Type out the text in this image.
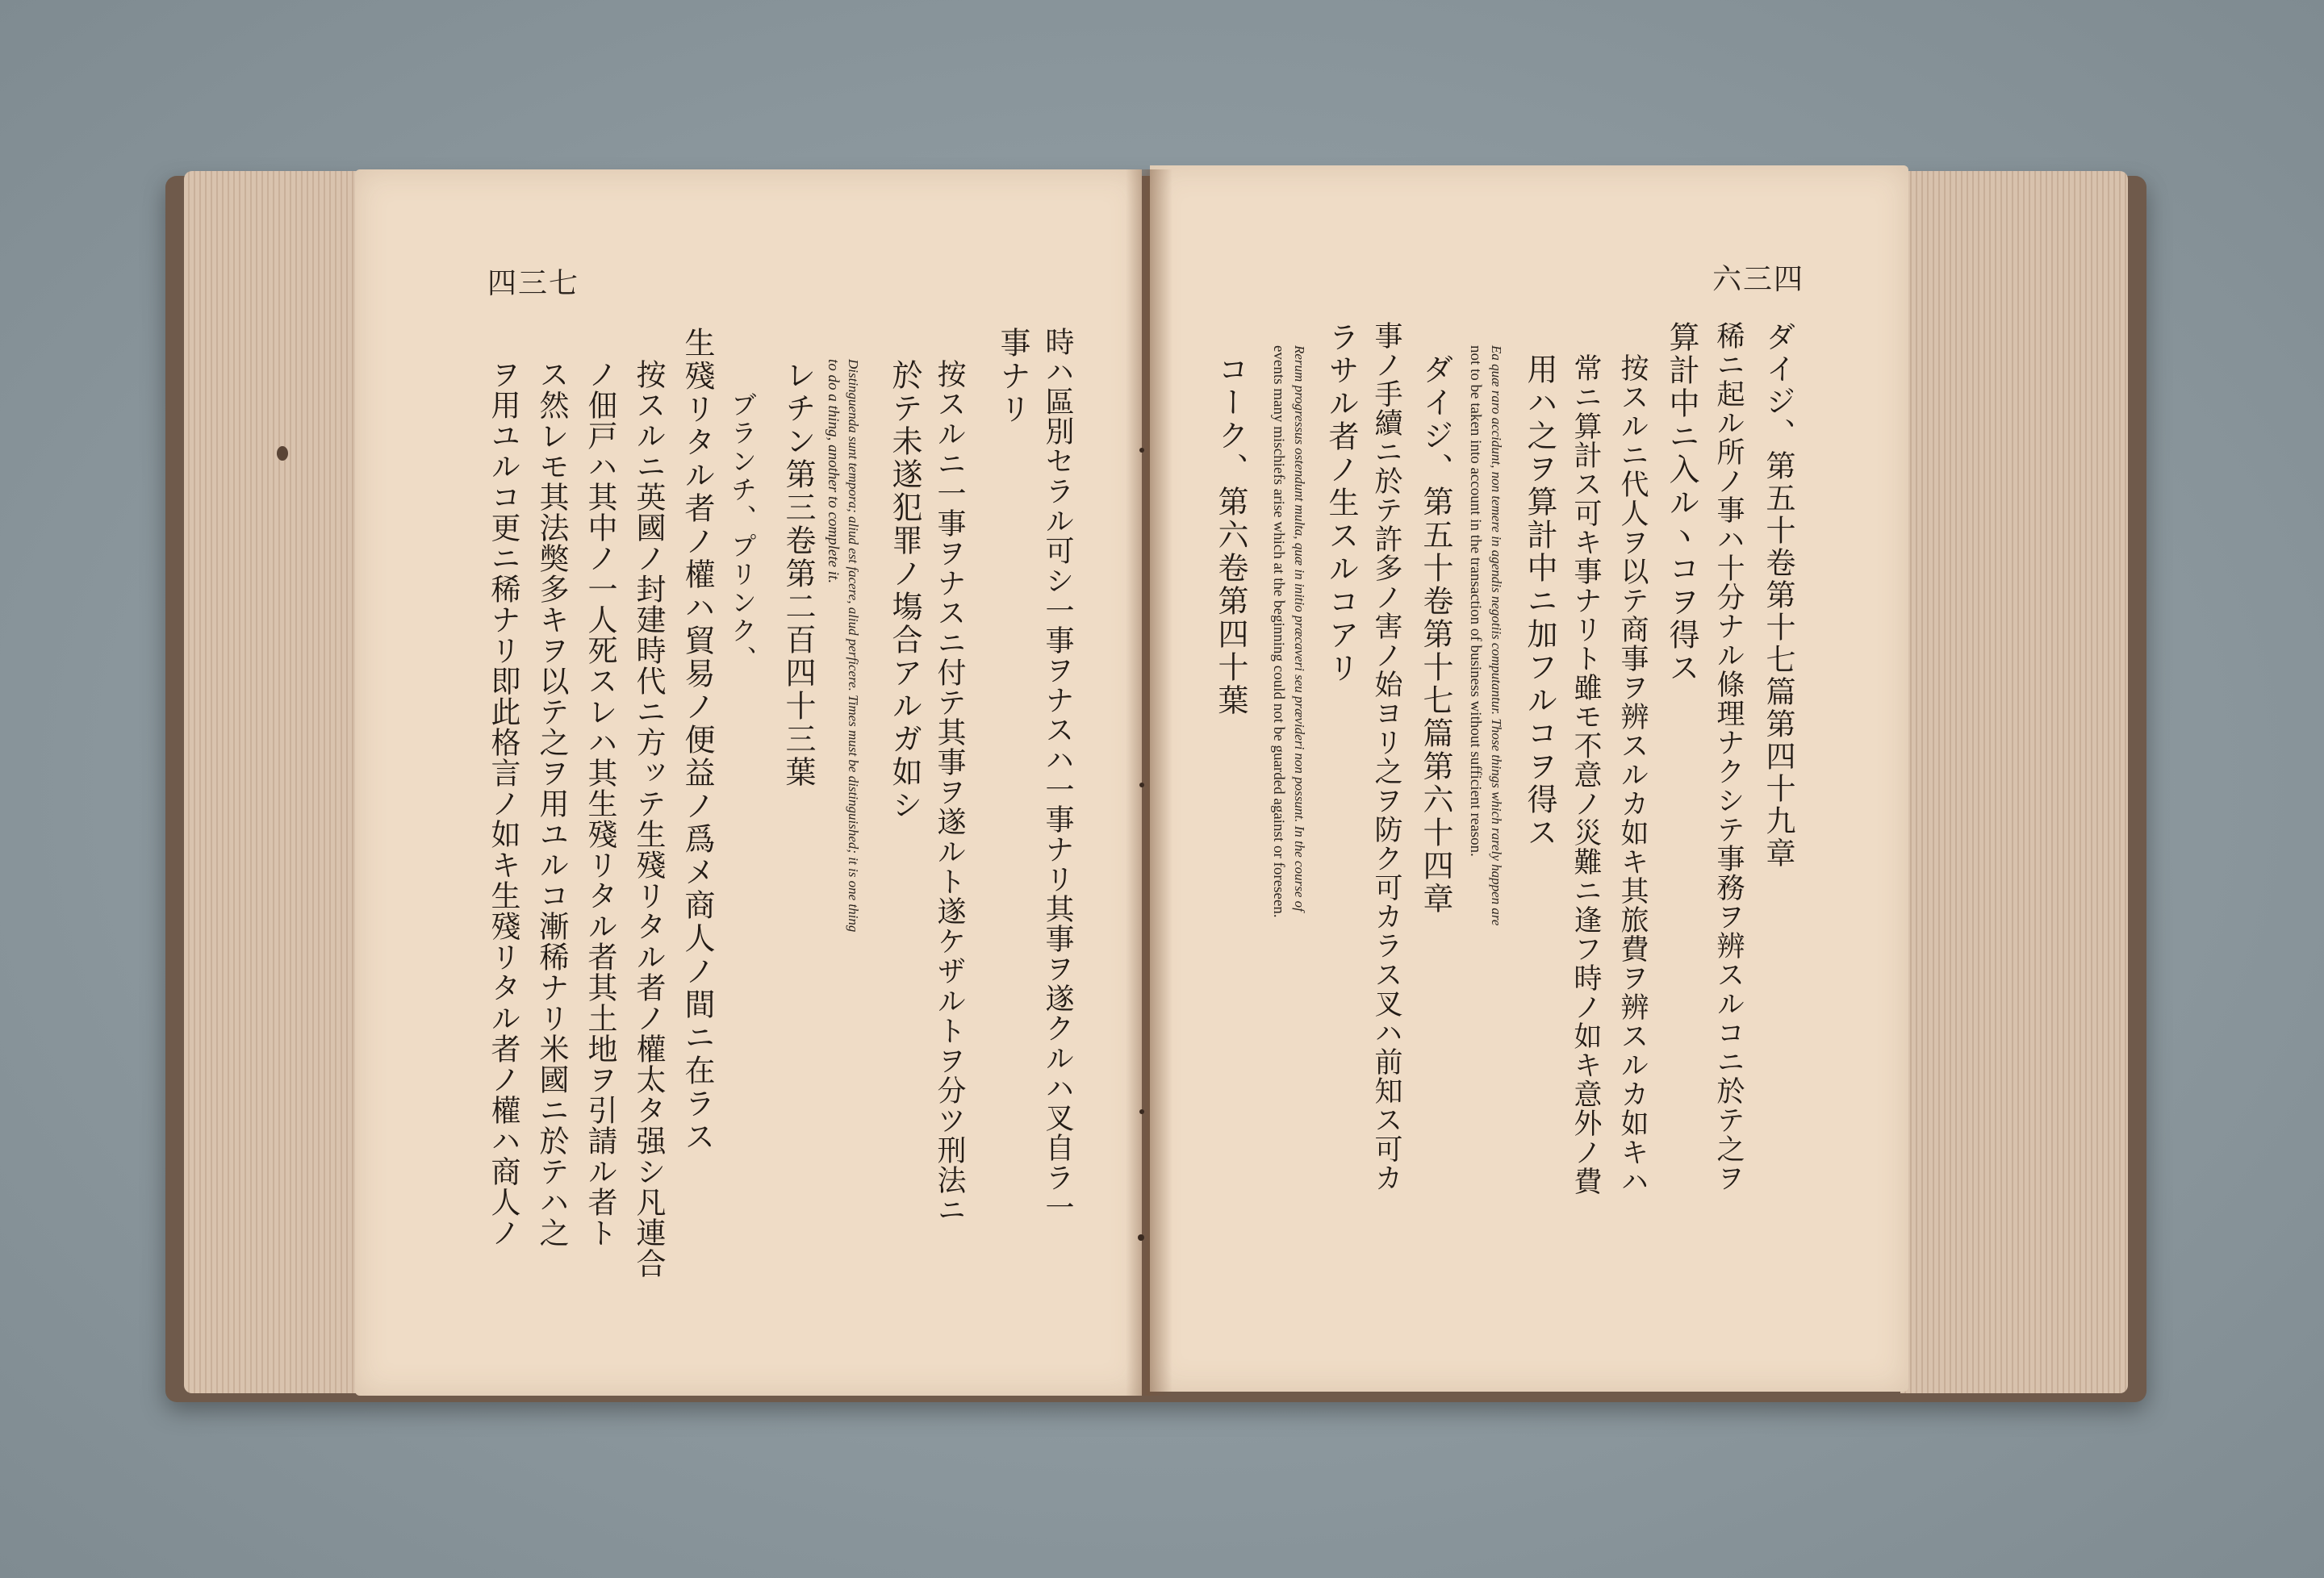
四三七
時ハ區別セラル可シ一事ヲナスハ一事ナリ其事ヲ遂クルハ叉自ラ一
事ナリ
按スルニ一事ヲナスニ付テ其事ヲ遂ルト遂ケザルトヲ分ツ刑法ニ
於テ未遂犯罪ノ塲合アルガ如シ
Distinguenda sunt tempora; aliud est facere, aliud perficere. Times must be distinguished; it is one thing
to do a thing, another to complete it.
レチン第三卷第二百四十三葉
ブランチ、プリンク、
生殘リタル者ノ權ハ貿易ノ便益ノ爲メ商人ノ間ニ在ラス
按スルニ英國ノ封建時代ニ方ッテ生殘リタル者ノ權太タ强シ凡連合
ノ佃戸ハ其中ノ一人死スレハ其生殘リタル者其土地ヲ引請ル者ト
ス然レモ其法獘多キヲ以テ之ヲ用ユルコ漸稀ナリ米國ニ於テハ之
ヲ用ユルコ更ニ稀ナリ即此格言ノ如キ生殘リタル者ノ權ハ商人ノ
六三四
ダイジ、第五十卷第十七篇第四十九章
稀ニ起ル所ノ事ハ十分ナル條理ナクシテ事務ヲ辨スルコニ於テ之ヲ
算計中ニ入ルヽコヲ得ス
按スルニ代人ヲ以テ商事ヲ辨スルカ如キ其旅費ヲ辨スルカ如キハ
常ニ算計ス可キ事ナリト雖モ不意ノ災難ニ逢フ時ノ如キ意外ノ費
用ハ之ヲ算計中ニ加フルコヲ得ス
Ea quæ raro accidunt, non temere in agendis negotiis computantur. Those things which rarely happen are
not to be taken into account in the transaction of business without sufficient reason.
ダイジ、第五十卷第十七篇第六十四章
事ノ手續ニ於テ許多ノ害ノ始ヨリ之ヲ防ク可カラス叉ハ前知ス可カ
ラサル者ノ生スルコアリ
Rerum progressus ostendunt multa, quæ in initio præcaveri seu prævideri non possunt. In the course of
events many mischiefs arise which at the beginning could not be guarded against or foreseen.
コーク、第六卷第四十葉
